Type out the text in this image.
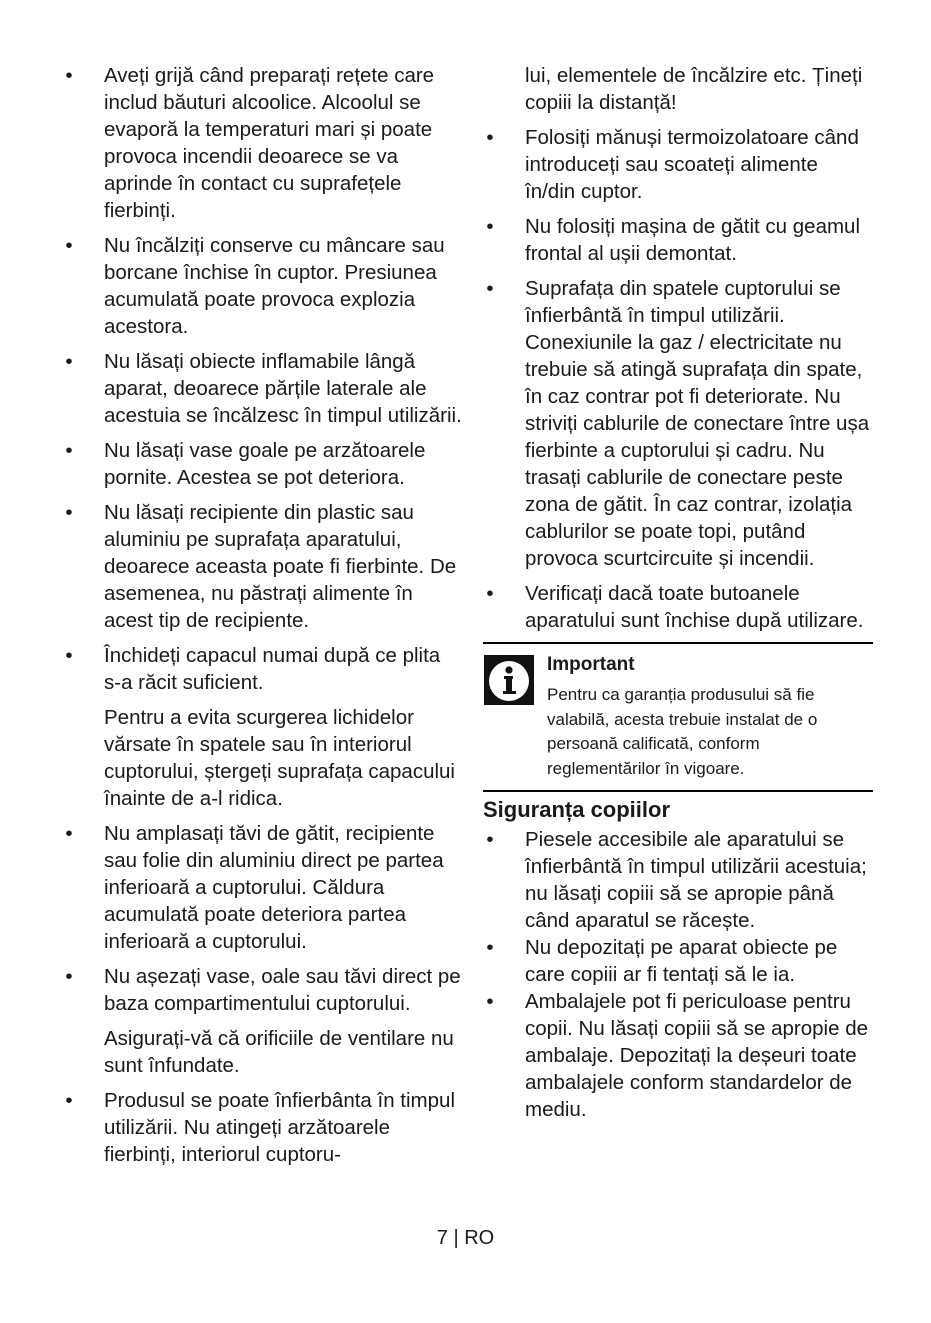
• Aveți grijă când preparați rețete care includ băuturi alcoolice. Alcoolul se evaporă la temperaturi mari și poate provoca incendii deoarece se va aprinde în contact cu suprafețele fierbinți.

• Nu încălziți conserve cu mâncare sau borcane închise în cuptor. Presiunea acumulată poate provoca explozia acestora.

• Nu lăsați obiecte inflamabile lângă aparat, deoarece părțile laterale ale acestuia se încălzesc în timpul utilizării.

• Nu lăsați vase goale pe arzătoarele pornite. Acestea se pot deteriora.

• Nu lăsați recipiente din plastic sau aluminiu pe suprafața aparatului, deoarece aceasta poate fi fierbinte. De asemenea, nu păstrați alimente în acest tip de recipiente.

• Închideți capacul numai după ce plita s-a răcit suficient.

Pentru a evita scurgerea lichidelor vărsate în spatele sau în interiorul cuptorului, ștergeți suprafața capacului înainte de a-l ridica.

• Nu amplasați tăvi de gătit, recipiente sau folie din aluminiu direct pe partea inferioară a cuptorului. Căldura acumulată poate deteriora partea inferioară a cuptorului.

• Nu așezați vase, oale sau tăvi direct pe baza compartimentului cuptorului.

Asigurați-vă că orificiile de ventilare nu sunt înfundate.

• Produsul se poate înfierbânta în timpul utilizării. Nu atingeți arzătoarele fierbinți, interiorul cuptoru-

lui, elementele de încălzire etc. Țineți copiii la distanță!

• Folosiți mănuși termoizolatoare când introduceți sau scoateți alimente în/din cuptor.

• Nu folosiți mașina de gătit cu geamul frontal al ușii demontat.

• Suprafața din spatele cuptorului se înfierbântă în timpul utilizării. Conexiunile la gaz / electricitate nu trebuie să atingă suprafața din spate, în caz contrar pot fi deteriorate. Nu striviți cablurile de conectare între ușa fierbinte a cuptorului și cadru. Nu trasați cablurile de conectare peste zona de gătit. În caz contrar, izolația cablurilor se poate topi, putând provoca scurtcircuite și incendii.

• Verificați dacă toate butoanele aparatului sunt închise după utilizare.

Important
Pentru ca garanția produsului să fie valabilă, acesta trebuie instalat de o persoană calificată, conform reglementărilor în vigoare.
Siguranța copiilor
• Piesele accesibile ale aparatului se înfierbântă în timpul utilizării acestuia; nu lăsați copiii să se apropie până când aparatul se răcește.

• Nu depozitați pe aparat obiecte pe care copiii ar fi tentați să le ia.

• Ambalajele pot fi periculoase pentru copii. Nu lăsați copiii să se apropie de ambalaje. Depozitați la deșeuri toate ambalajele conform standardelor de mediu.

7 | RO
